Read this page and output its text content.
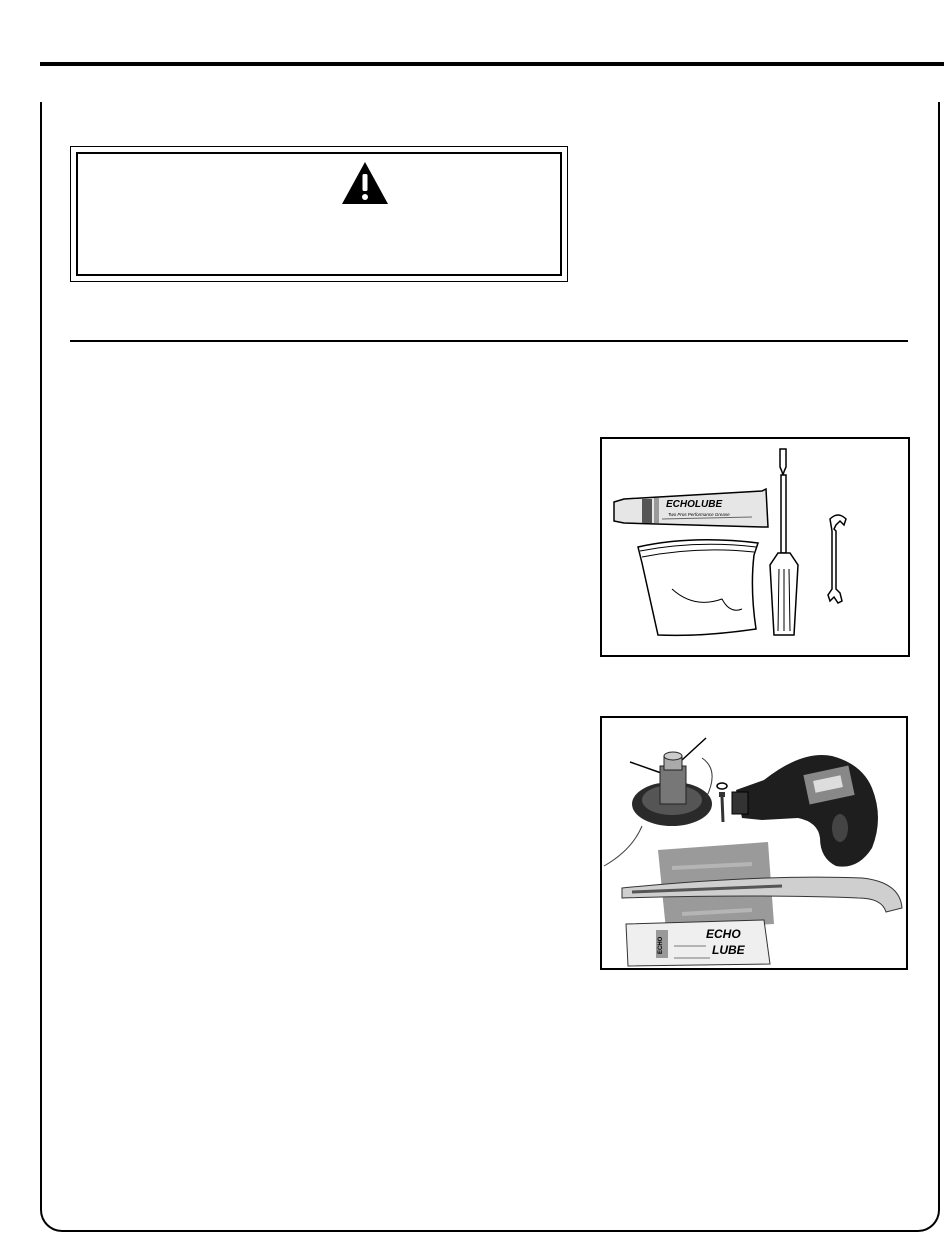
ECHOLUBE
Two Pros Performance Grease
ECHO
ECHO
LUBE
